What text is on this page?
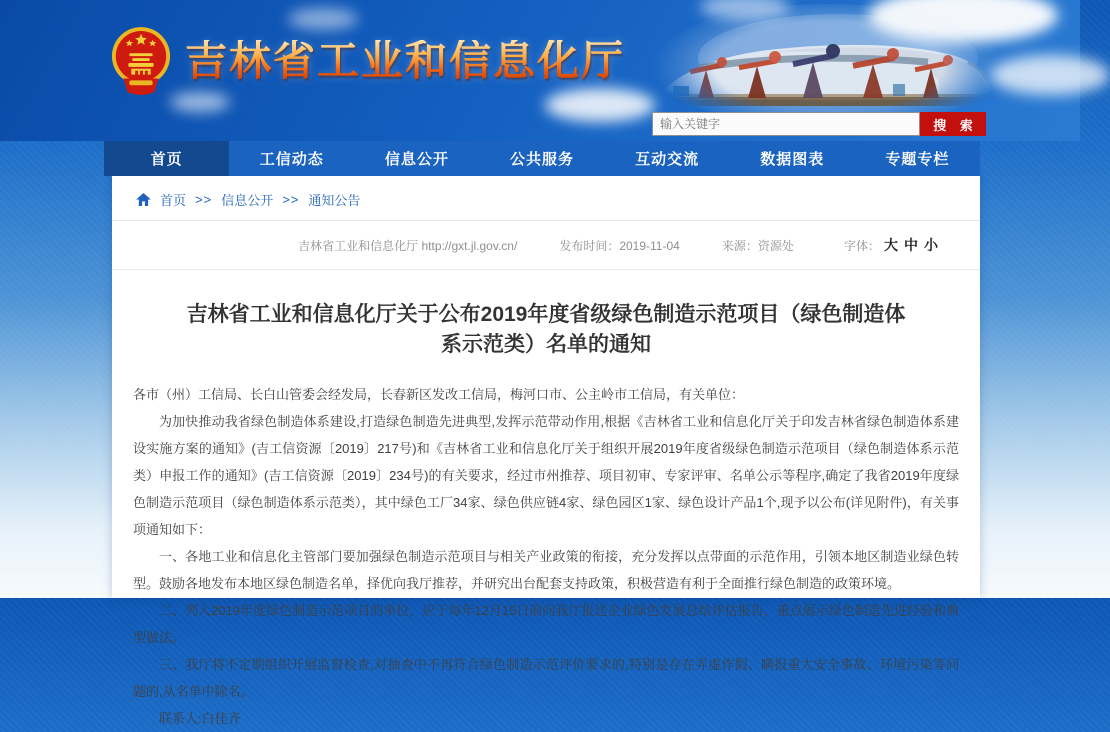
吉林省工业和信息化厅
输入关键字
搜 索
首页	工信动态	信息公开	公共服务	互动交流	数据图表	专题专栏
首页 >> 信息公开 >> 通知公告
吉林省工业和信息化厅 http://gxt.jl.gov.cn/	发布时间：2019-11-04	来源：资源处	字体： 大 中 小
吉林省工业和信息化厅关于公布2019年度省级绿色制造示范项目（绿色制造体系示范类）名单的通知

各市（州）工信局、长白山管委会经发局，长春新区发改工信局，梅河口市、公主岭市工信局，有关单位：

为加快推动我省绿色制造体系建设,打造绿色制造先进典型,发挥示范带动作用,根据《吉林省工业和信息化厅关于印发吉林省绿色制造体系建设实施方案的通知》(吉工信资源〔2019〕217号)和《吉林省工业和信息化厅关于组织开展2019年度省级绿色制造示范项目（绿色制造体系示范类）申报工作的通知》(吉工信资源〔2019〕234号)的有关要求，经过市州推荐、项目初审、专家评审、名单公示等程序,确定了我省2019年度绿色制造示范项目（绿色制造体系示范类），其中绿色工厂34家、绿色供应链4家、绿色园区1家、绿色设计产品1个,现予以公布(详见附件)，有关事项通知如下：

一、各地工业和信息化主管部门要加强绿色制造示范项目与相关产业政策的衔接，充分发挥以点带面的示范作用，引领本地区制造业绿色转型。鼓励各地发布本地区绿色制造名单，择优向我厅推荐，并研究出台配套支持政策，积极营造有利于全面推行绿色制造的政策环境。

二、列入2019年度绿色制造示范项目的单位，应于每年12月15日前向我厅报送企业绿色发展总结评估报告，重点展示绿色制造先进经验和典型做法。

三、我厅将不定期组织开展监督检查,对抽查中不再符合绿色制造示范评价要求的,特别是存在弄虚作假、瞒报重大安全事故、环境污染等问题的,从名单中除名。

联系人:白佳齐
